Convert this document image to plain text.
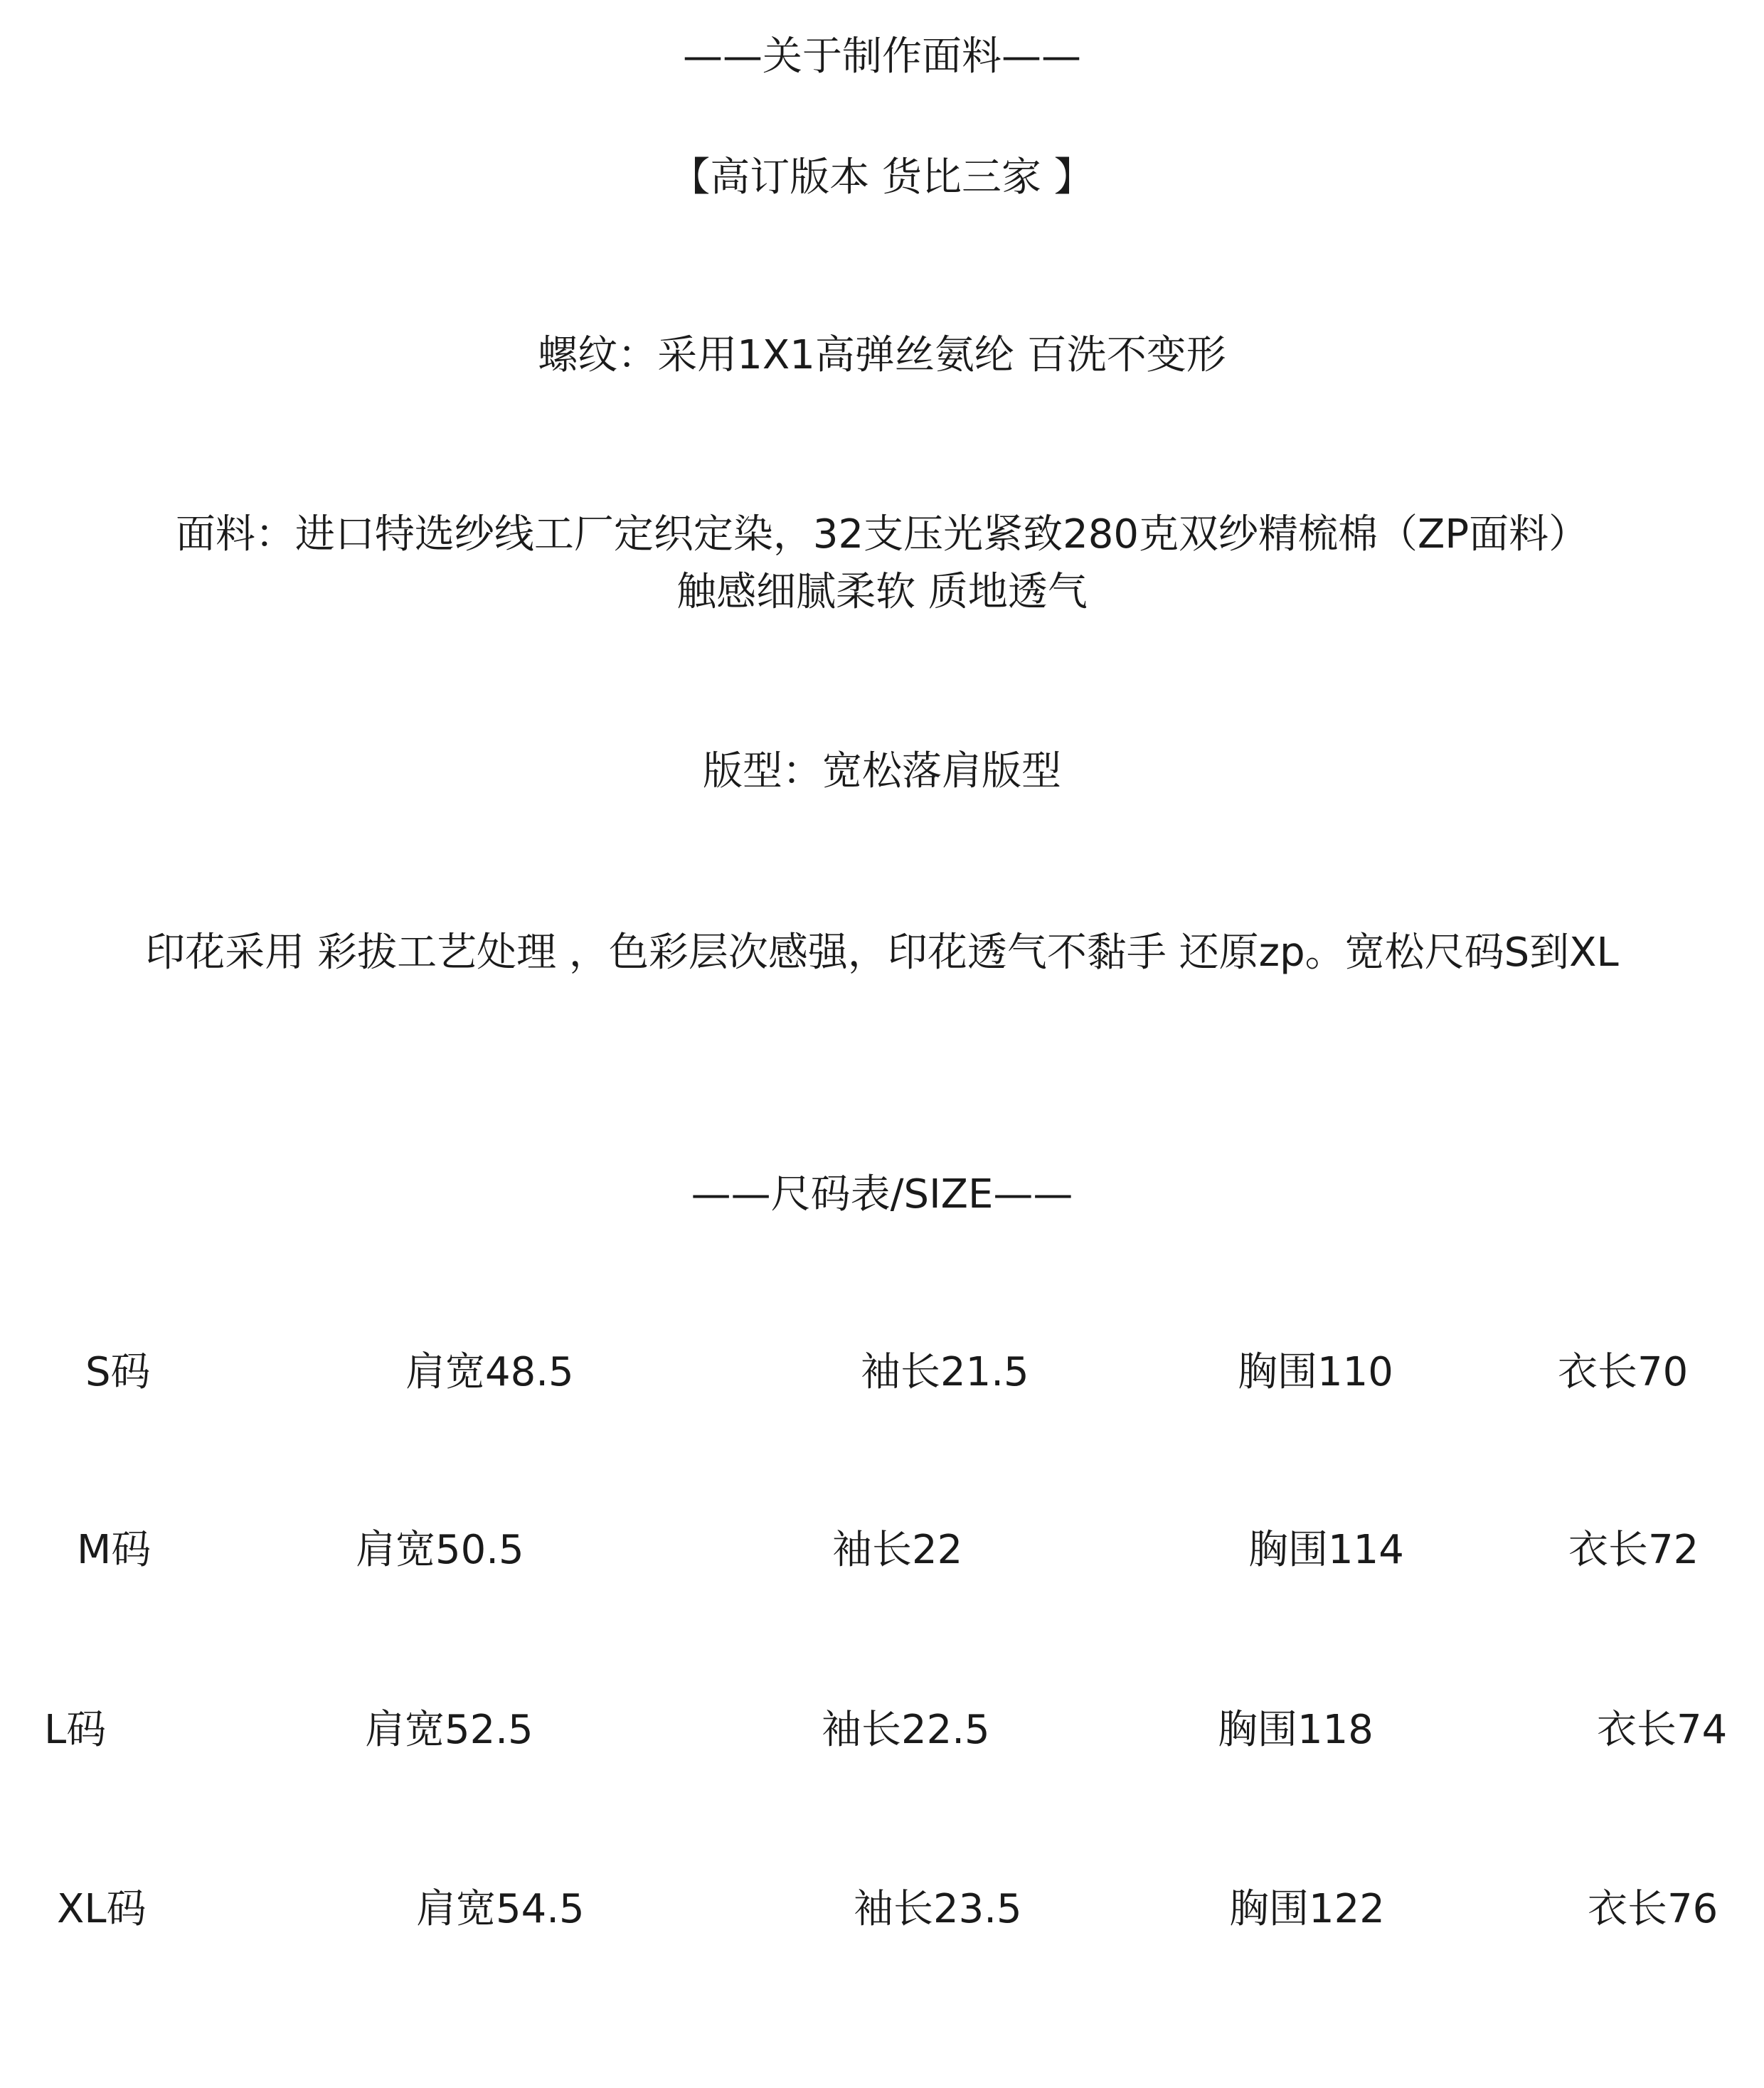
——关于制作面料——
【高订版本 货比三家 】
螺纹：采用1X1高弹丝氨纶 百洗不变形
面料：进口特选纱线工厂定织定染，32支压光紧致280克双纱精梳棉（ZP面料）
触感细腻柔软 质地透气
版型：宽松落肩版型
印花采用 彩拔工艺处理 ，色彩层次感强，印花透气不黏手 还原zp。宽松尺码S到XL
——尺码表/SIZE——
S码	肩宽48.5	袖长21.5	胸围110	衣长70
M码	肩宽50.5	袖长22	胸围114	衣长72
L码	肩宽52.5	袖长22.5	胸围118	衣长74
XL码	肩宽54.5	袖长23.5	胸围122	衣长76
